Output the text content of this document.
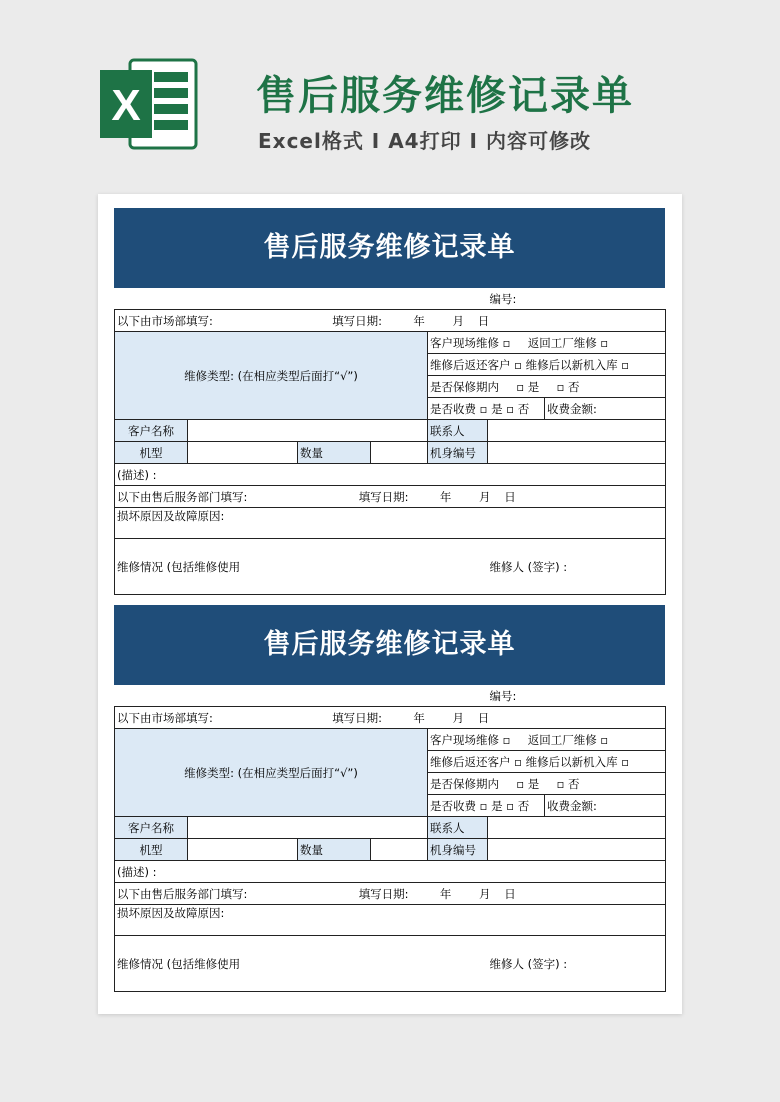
X	售后服务维修记录单
Excel格式 Ⅰ A4打印 Ⅰ 内容可修改
售后服务维修记录单
					编号:	
以下由市场部填写: 填写日期: 年 月 日						
维修类型: (在相应类型后面打“√”)				客户现场维修 ▫ 返回工厂维修 ▫		
				维修后返还客户 ▫ 维修后以新机入库 ▫		
				是否保修期内 ▫ 是 ▫ 否		
				是否收费 ▫ 是 ▫ 否		收费金额:
客户名称				联系人		
机型		数量		机身编号		
(描述) :						
以下由售后服务部门填写: 填写日期: 年 月 日						
损坏原因及故障原因:						
维修情况 (包括维修使用					维修人 (签字) :	
售后服务维修记录单
					编号:	
以下由市场部填写: 填写日期: 年 月 日						
维修类型: (在相应类型后面打“√”)				客户现场维修 ▫ 返回工厂维修 ▫		
				维修后返还客户 ▫ 维修后以新机入库 ▫		
				是否保修期内 ▫ 是 ▫ 否		
				是否收费 ▫ 是 ▫ 否		收费金额:
客户名称				联系人		
机型		数量		机身编号		
(描述) :						
以下由售后服务部门填写: 填写日期: 年 月 日						
损坏原因及故障原因:						
维修情况 (包括维修使用					维修人 (签字) :	
